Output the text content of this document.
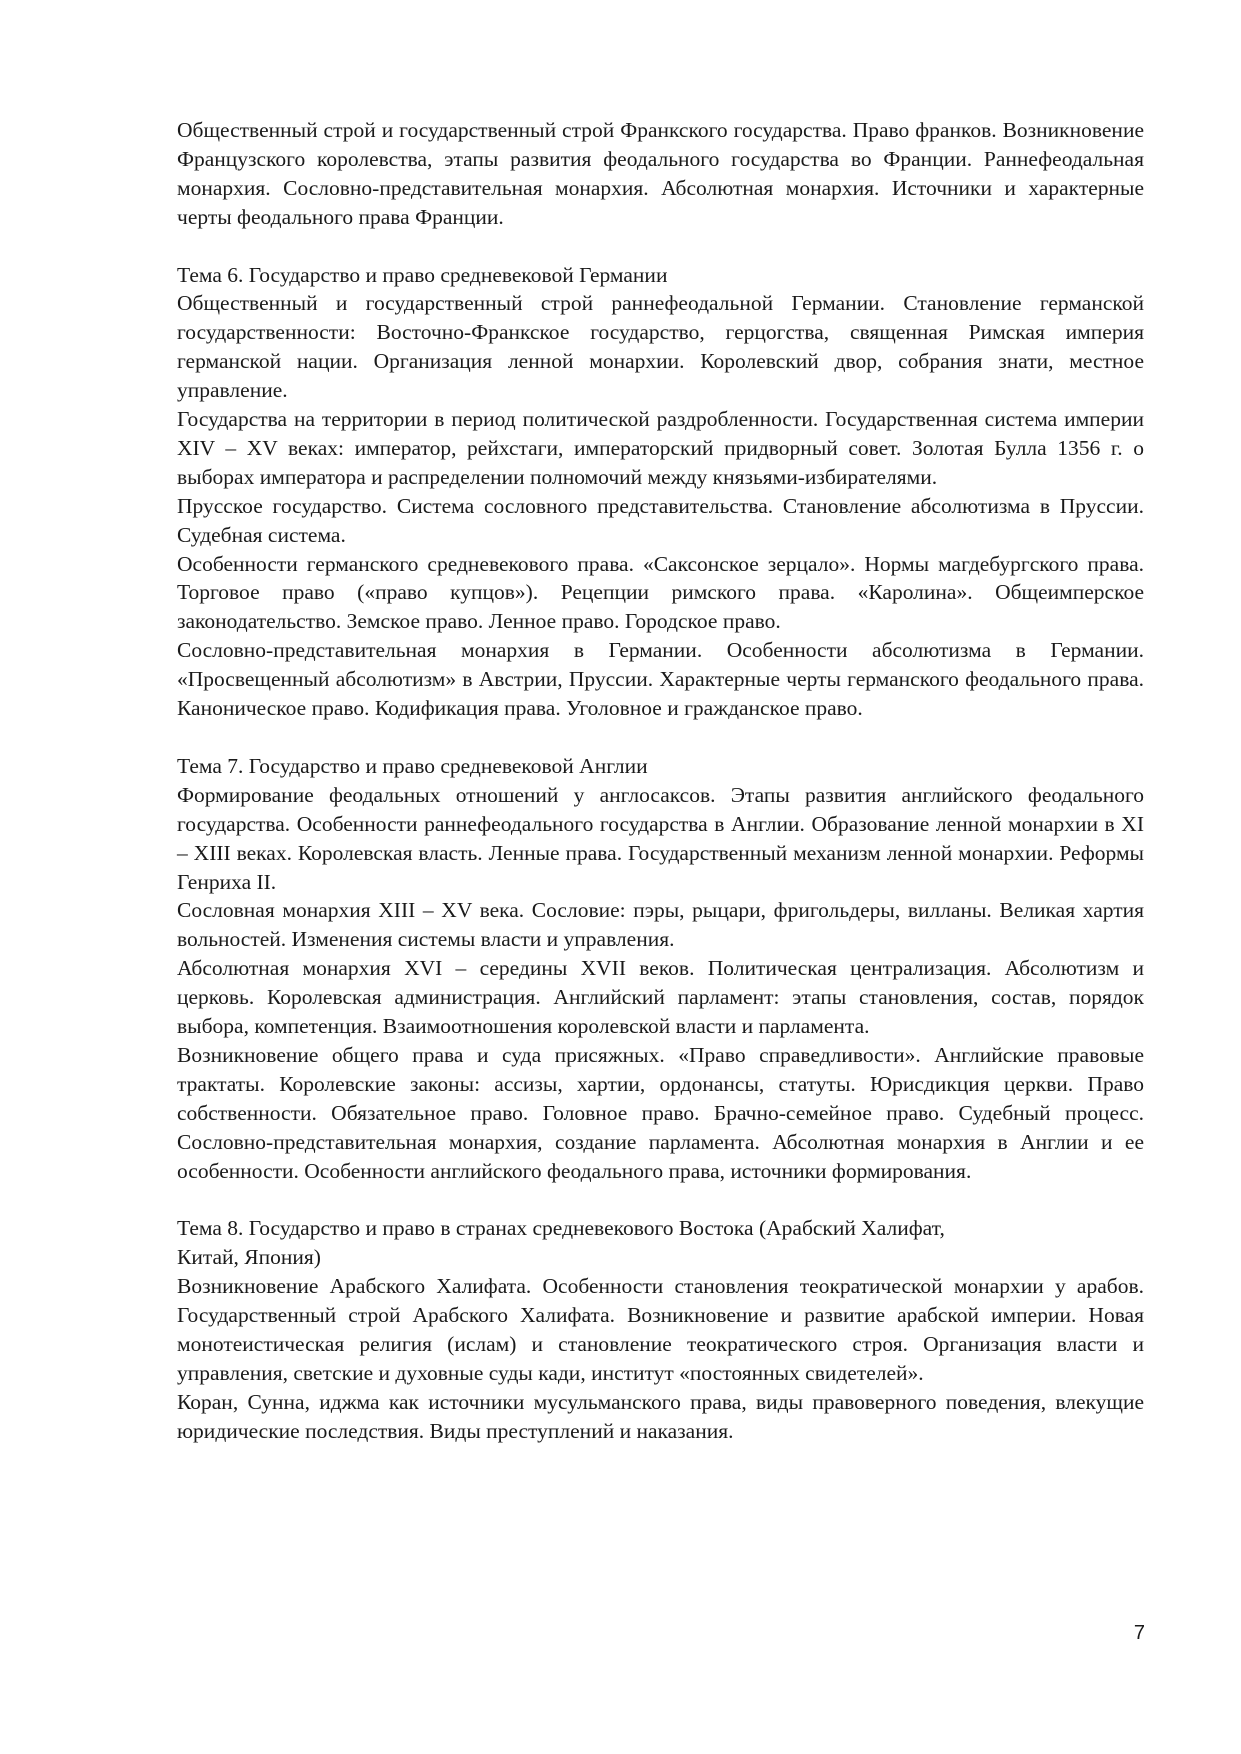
Общественный строй и государственный строй Франкского государства. Право франков. Возникновение Французского королевства, этапы развития феодального государства во Франции. Раннефеодальная монархия. Сословно-представительная монархия. Абсолютная монархия. Источники и характерные черты феодального права Франции.

Тема 6. Государство и право средневековой Германии

Общественный и государственный строй раннефеодальной Германии. Становление германской государственности: Восточно-Франкское государство, герцогства, священная Римская империя германской нации. Организация ленной монархии. Королевский двор, собрания знати, местное управление.

Государства на территории в период политической раздробленности. Государственная система империи XIV – XV веках: император, рейхстаги, императорский придворный совет. Золотая Булла 1356 г. о выборах императора и распределении полномочий между князьями-избирателями.

Прусское государство. Система сословного представительства. Становление абсолютизма в Пруссии. Судебная система.

Особенности германского средневекового права. «Саксонское зерцало». Нормы магдебургского права. Торговое право («право купцов»). Рецепции римского права. «Каролина». Общеимперское законодательство. Земское право. Ленное право. Городское право.

Сословно-представительная монархия в Германии. Особенности абсолютизма в Германии. «Просвещенный абсолютизм» в Австрии, Пруссии. Характерные черты германского феодального права. Каноническое право. Кодификация права. Уголовное и гражданское право.

Тема 7. Государство и право средневековой Англии

Формирование феодальных отношений у англосаксов. Этапы развития английского феодального государства. Особенности раннефеодального государства в Англии. Образование ленной монархии в XI – XIII веках. Королевская власть. Ленные права. Государственный механизм ленной монархии. Реформы Генриха II.

Сословная монархия XIII – XV века. Сословие: пэры, рыцари, фригольдеры, вилланы. Великая хартия вольностей. Изменения системы власти и управления.

Абсолютная монархия XVI – середины XVII веков. Политическая централизация. Абсолютизм и церковь. Королевская администрация. Английский парламент: этапы становления, состав, порядок выбора, компетенция. Взаимоотношения королевской власти и парламента.

Возникновение общего права и суда присяжных. «Право справедливости». Английские правовые трактаты. Королевские законы: ассизы, хартии, ордонансы, статуты. Юрисдикция церкви. Право собственности. Обязательное право. Головное право. Брачно-семейное право. Судебный процесс. Сословно-представительная монархия, создание парламента. Абсолютная монархия в Англии и ее особенности. Особенности английского феодального права, источники формирования.

Тема 8. Государство и право в странах средневекового Востока (Арабский Халифат,
Китай, Япония)

Возникновение Арабского Халифата. Особенности становления теократической монархии у арабов. Государственный строй Арабского Халифата. Возникновение и развитие арабской империи. Новая монотеистическая религия (ислам) и становление теократического строя. Организация власти и управления, светские и духовные суды кади, институт «постоянных свидетелей».

Коран, Сунна, иджма как источники мусульманского права, виды правоверного поведения, влекущие юридические последствия. Виды преступлений и наказания.

7
